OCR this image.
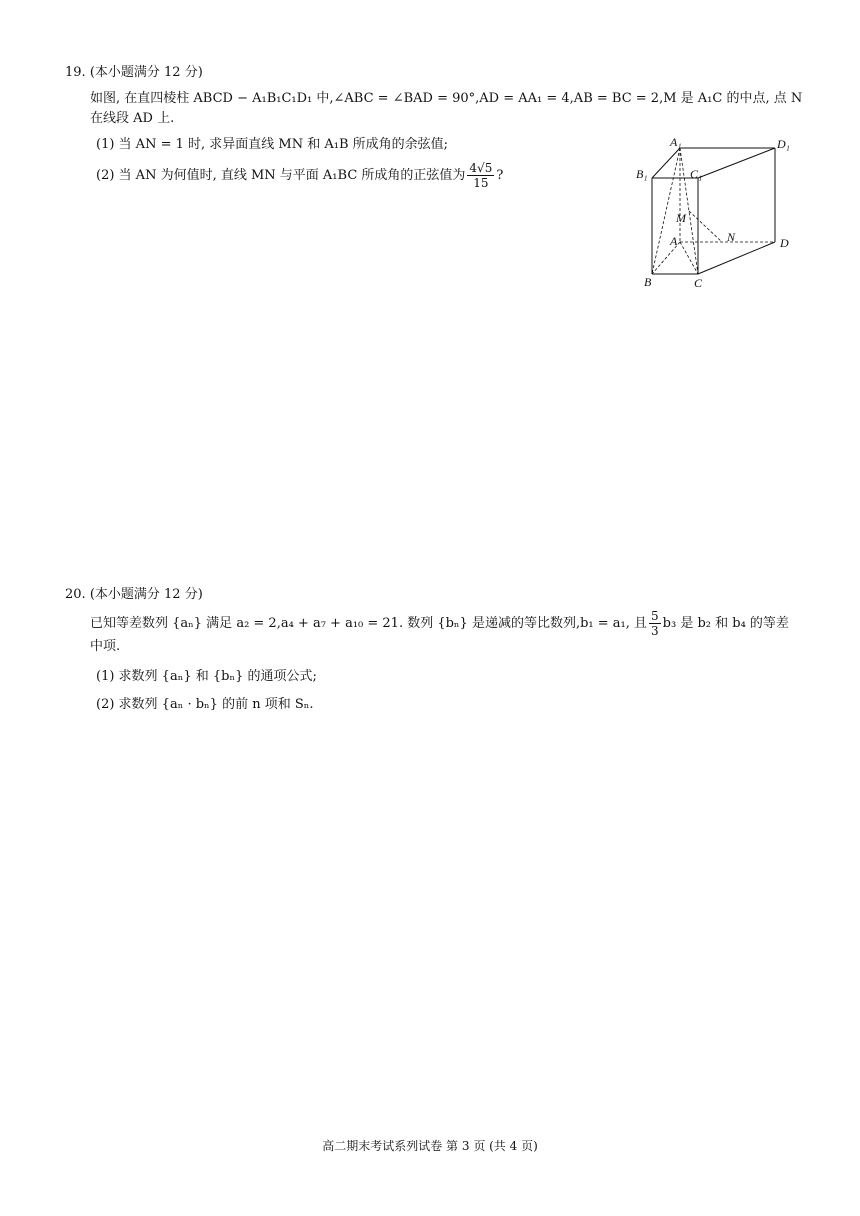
19. (本小题满分 12 分)
如图, 在直四棱柱 ABCD − A₁B₁C₁D₁ 中,∠ABC = ∠BAD = 90°,AD = AA₁ = 4,AB = BC = 2,M 是 A₁C 的中点, 点 N
在线段 AD 上.
(1) 当 AN = 1 时, 求异面直线 MN 和 A₁B 所成角的余弦值;
(2) 当 AN 为何值时, 直线 MN 与平面 A₁BC 所成角的正弦值为 $\frac{4√5}{15}$ ?
A₁	D₁
B₁	C₁
M
A	N	D
B	C
20. (本小题满分 12 分)
已知等差数列 {aₙ} 满足 a₂ = 2,a₄ + a₇ + a₁₀ = 21. 数列 {bₙ} 是递减的等比数列,b₁ = a₁, 且 $\frac{5}{3} b_3$ 是 b₂ 和 b₄ 的等差
中项.
(1) 求数列 {aₙ} 和 {bₙ} 的通项公式;
(2) 求数列 {aₙ · bₙ} 的前 n 项和 Sₙ.
高二期末考试系列试卷 第 3 页 (共 4 页)
